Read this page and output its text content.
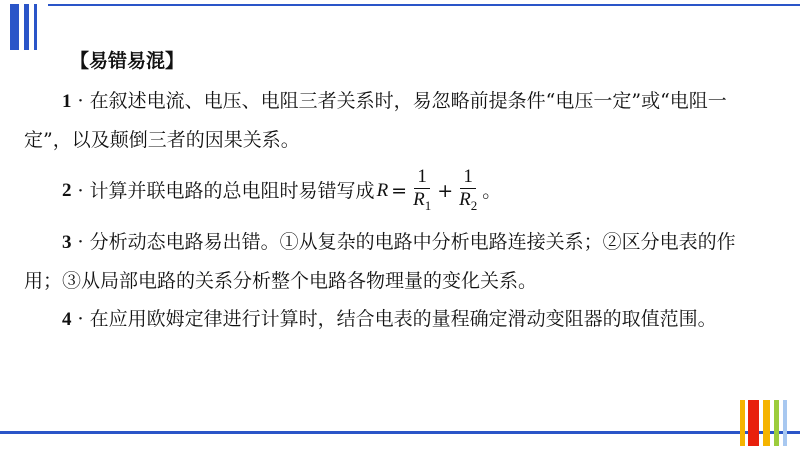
【易错易混】

1 · 在叙述电流、电压、电阻三者关系时，易忽略前提条件“电压一定”或“电阻一定”，以及颠倒三者的因果关系。

2 · 计算并联电路的总电阻时易错写成 $R = \frac{1}{R_1} + \frac{1}{R_2}$ 。

3 · 分析动态电路易出错。①从复杂的电路中分析电路连接关系；②区分电表的作用；③从局部电路的关系分析整个电路各物理量的变化关系。

4 · 在应用欧姆定律进行计算时，结合电表的量程确定滑动变阻器的取值范围。
